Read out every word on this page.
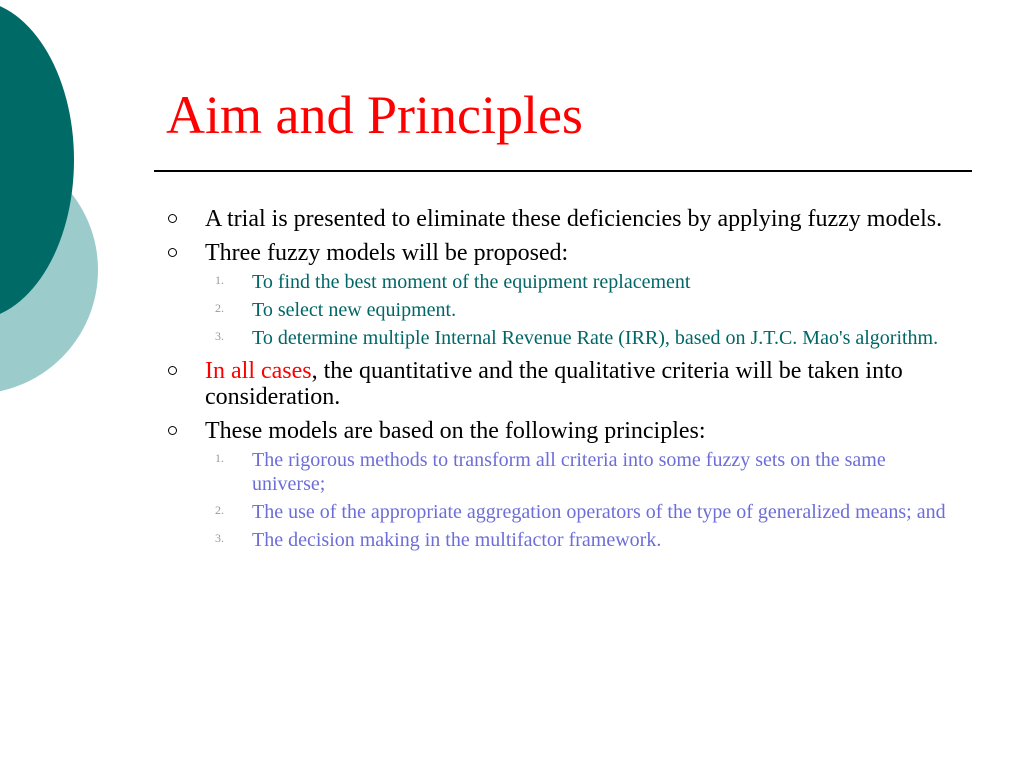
Aim and Principles
A trial is presented to eliminate these deficiencies by applying fuzzy models.
Three fuzzy models will be proposed:
1. To find the best moment of the equipment replacement
2. To select new equipment.
3. To determine multiple Internal Revenue Rate (IRR), based on J.T.C. Mao's algorithm.
In all cases, the quantitative and the qualitative criteria will be taken into consideration.
These models are based on the following principles:
1. The rigorous methods to transform all criteria into some fuzzy sets on the same universe;
2. The use of the appropriate aggregation operators of the type of generalized means; and
3. The decision making in the multifactor framework.
